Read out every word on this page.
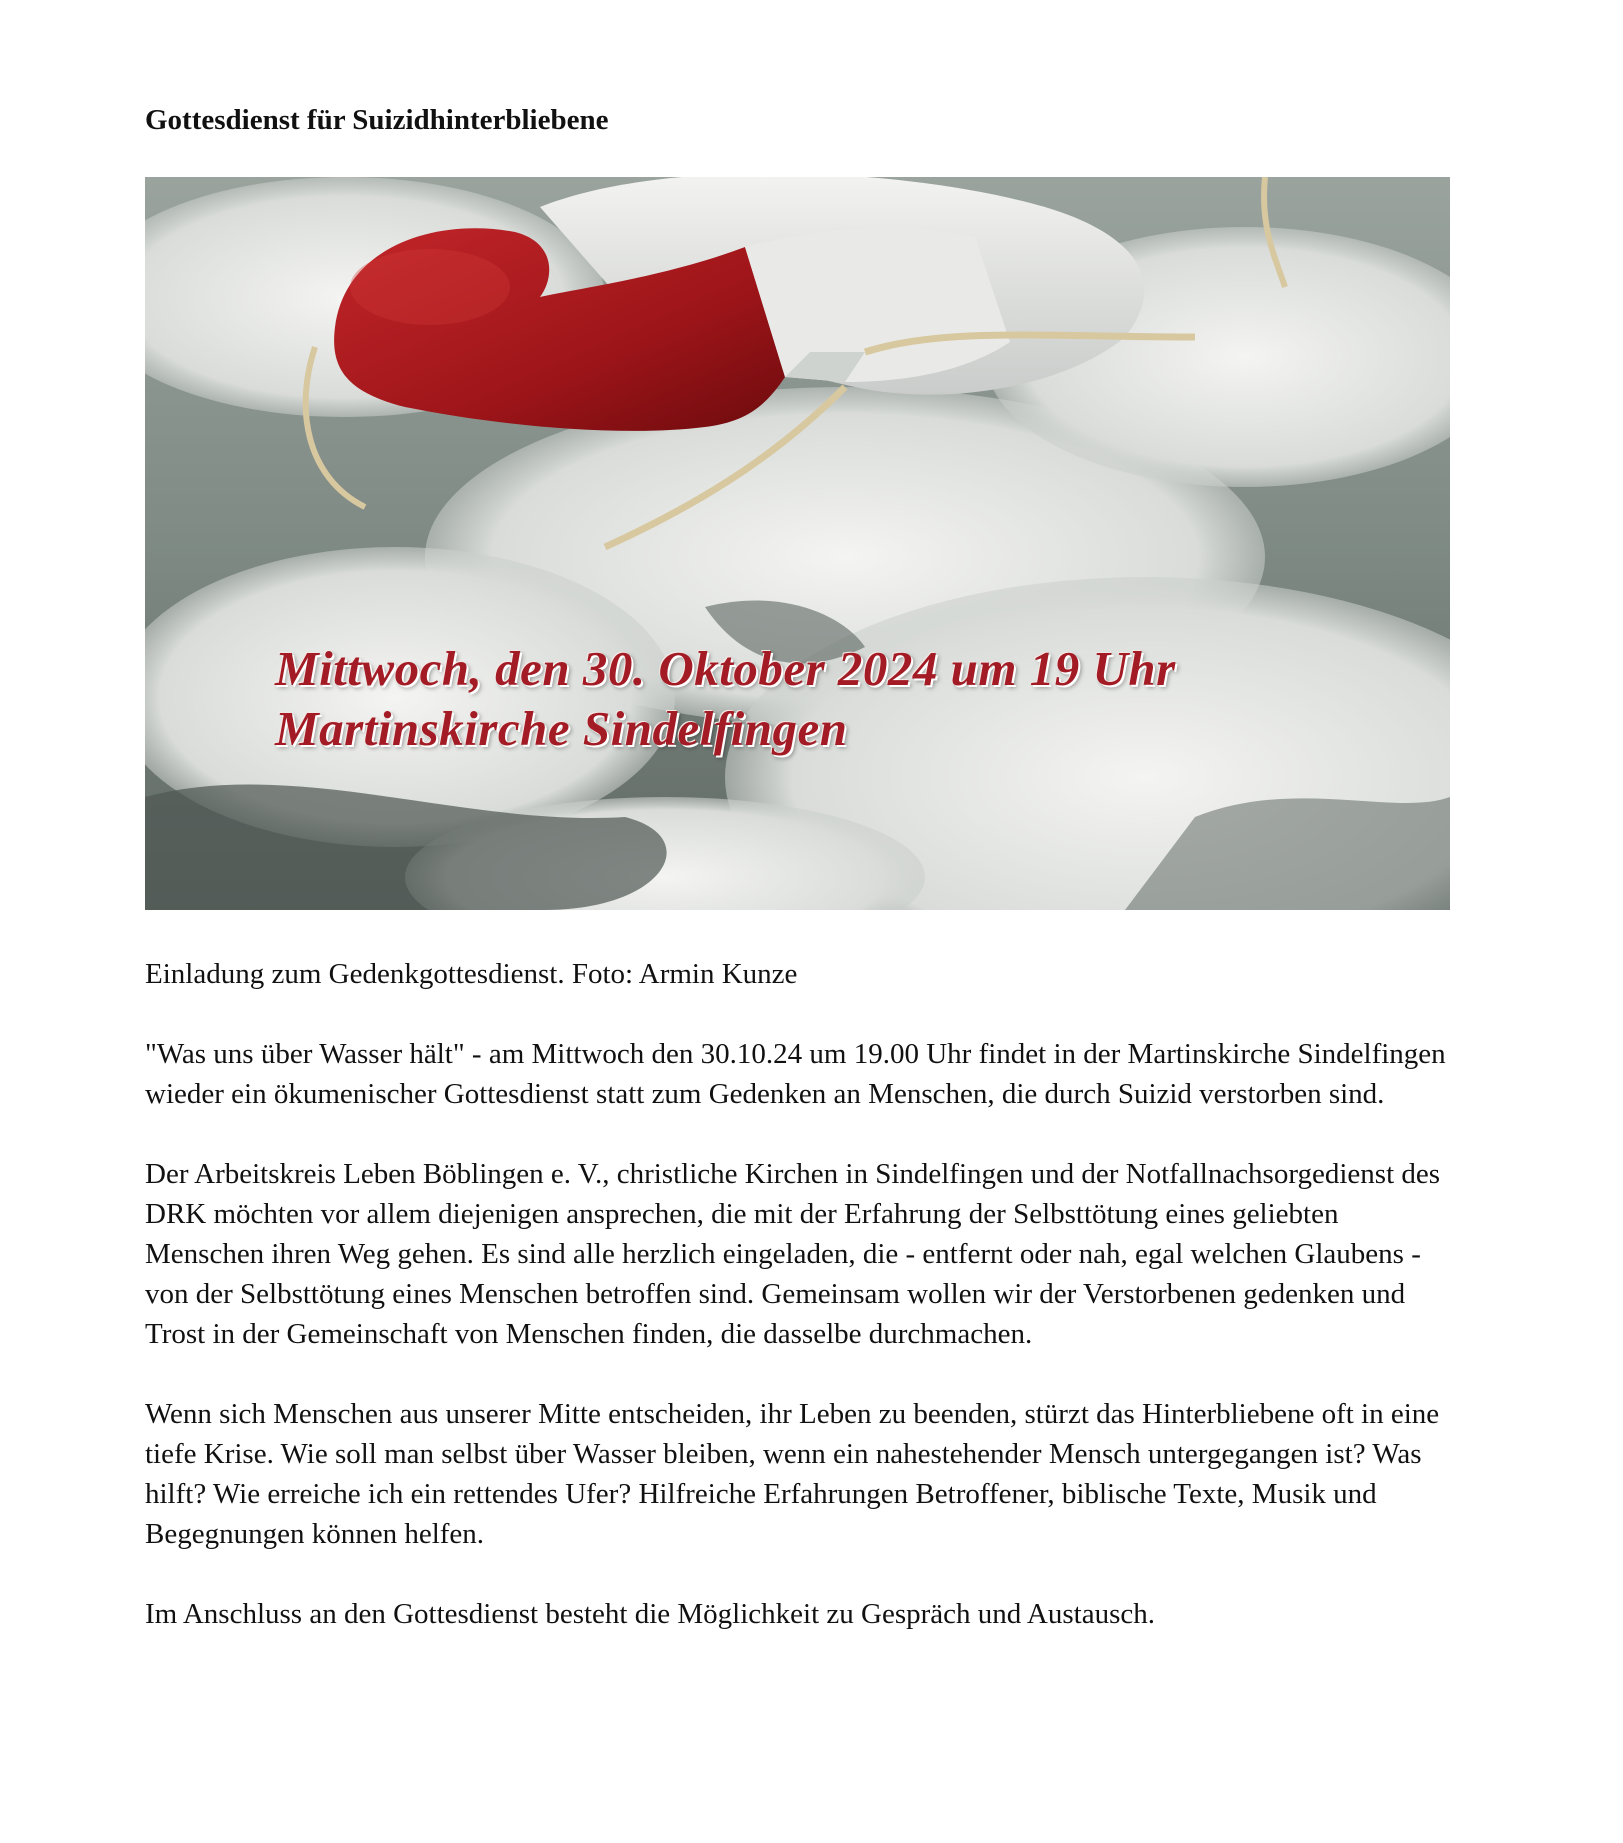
Gottesdienst für Suizidhinterbliebene
Mittwoch, den 30. Oktober 2024 um 19 Uhr
Martinskirche Sindelfingen
Einladung zum Gedenkgottesdienst. Foto: Armin Kunze

"Was uns über Wasser hält" - am Mittwoch den 30.10.24 um 19.00 Uhr findet in der Martinskirche Sindelfingen wieder ein ökumenischer Gottesdienst statt zum Gedenken an Menschen, die durch Suizid verstorben sind.

Der Arbeitskreis Leben Böblingen e. V., christliche Kirchen in Sindelfingen und der Notfallnachsorgedienst des DRK möchten vor allem diejenigen ansprechen, die mit der Erfahrung der Selbsttötung eines geliebten Menschen ihren Weg gehen. Es sind alle herzlich eingeladen, die - entfernt oder nah, egal welchen Glaubens - von der Selbsttötung eines Menschen betroffen sind. Gemeinsam wollen wir der Verstorbenen gedenken und Trost in der Gemeinschaft von Menschen finden, die dasselbe durchmachen.

Wenn sich Menschen aus unserer Mitte entscheiden, ihr Leben zu beenden, stürzt das Hinterbliebene oft in eine tiefe Krise. Wie soll man selbst über Wasser bleiben, wenn ein nahestehender Mensch untergegangen ist? Was hilft? Wie erreiche ich ein rettendes Ufer? Hilfreiche Erfahrungen Betroffener, biblische Texte, Musik und Begegnungen können helfen.

Im Anschluss an den Gottesdienst besteht die Möglichkeit zu Gespräch und Austausch.
